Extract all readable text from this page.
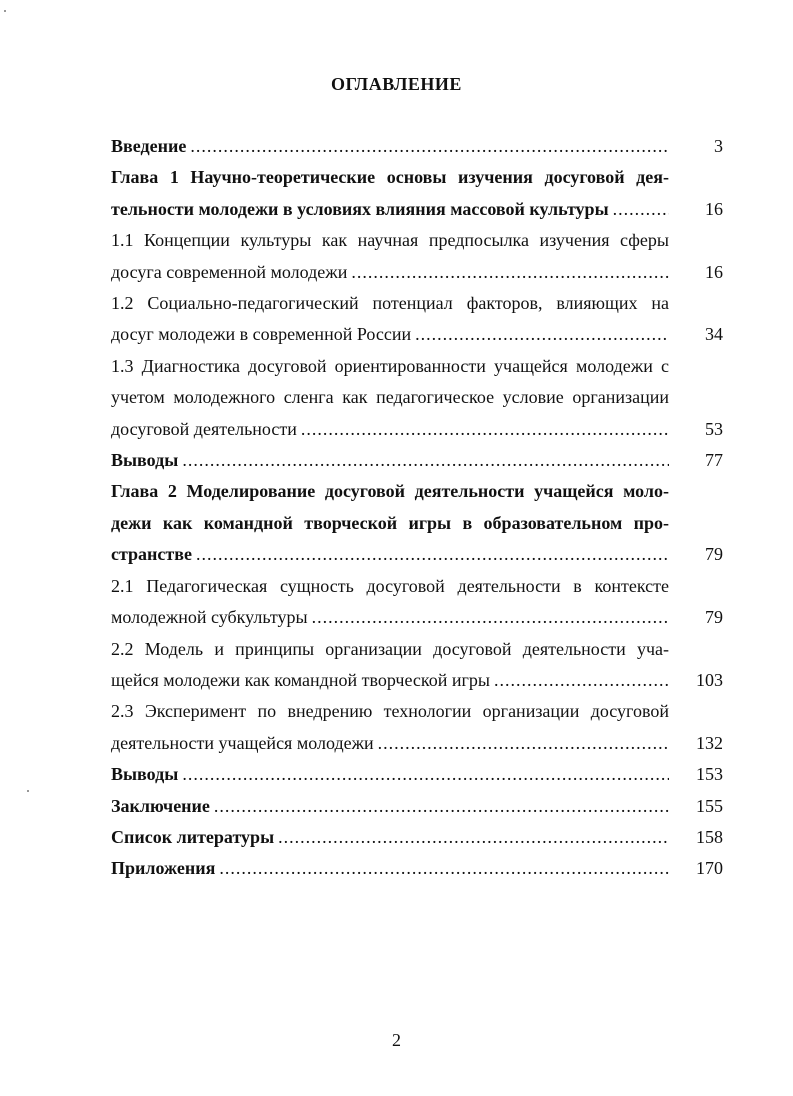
ОГЛАВЛЕНИЕ
Введение .....	3
Глава 1 Научно-теоретические основы изучения досуговой дея-
тельности молодежи в условиях влияния массовой культуры .....	16
1.1 Концепции культуры как научная предпосылка изучения сферы
досуга современной молодежи .....	16
1.2 Социально-педагогический потенциал факторов, влияющих на
досуг молодежи в современной России .....	34
1.3 Диагностика досуговой ориентированности учащейся молодежи с
учетом молодежного сленга как педагогическое условие организации
досуговой деятельности .....	53
Выводы .....	77
Глава 2 Моделирование досуговой деятельности учащейся моло-
дежи как командной творческой игры в образовательном про-
странстве .....	79
2.1 Педагогическая сущность досуговой деятельности в контексте
молодежной субкультуры .....	79
2.2 Модель и принципы организации досуговой деятельности уча-
щейся молодежи как командной творческой игры .....	103
2.3 Эксперимент по внедрению технологии организации досуговой
деятельности учащейся молодежи .....	132
Выводы .....	153
Заключение .....	155
Список литературы .....	158
Приложения .....	170
2
